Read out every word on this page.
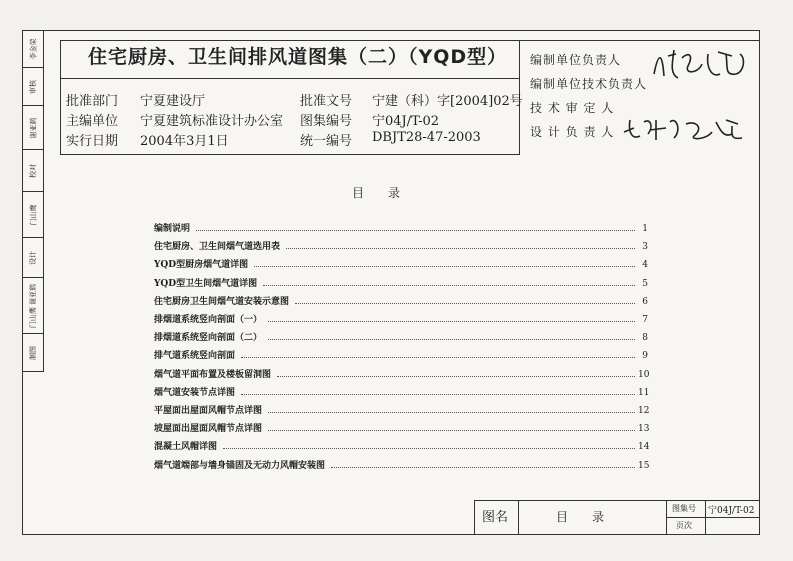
李金荣
审核
谢亚鹤
校对
门山鹰
设计
门山鹰 谢亚鹤
制图
住宅厨房、卫生间排风道图集（二）（YQD型）
批准部门 宁夏建设厅
主编单位 宁夏建筑标准设计办公室
实行日期 2004年3月1日
批准文号 宁建（科）字[2004]02号
图集编号 宁04J/T-02
统一编号 DBJT28-47-2003
编制单位负责人
编制单位技术负责人
技 术 审 定 人
设 计 负 责 人
目　　录
编制说明	1
住宅厨房、卫生间烟气道选用表	3
YQD型厨房烟气道详图	4
YQD型卫生间烟气道详图	5
住宅厨房卫生间烟气道安装示意图	6
排烟道系统竖向剖面（一）	7
排烟道系统竖向剖面（二）	8
排气道系统竖向剖面	9
烟气道平面布置及楼板留洞图	10
烟气道安装节点详图	11
平屋面出屋面风帽节点详图	12
坡屋面出屋面风帽节点详图	13
混凝土风帽详图	14
烟气道端部与墙身锚固及无动力风帽安装图	15
图名	目　　录
图集号 宁04J/T-02
页次
